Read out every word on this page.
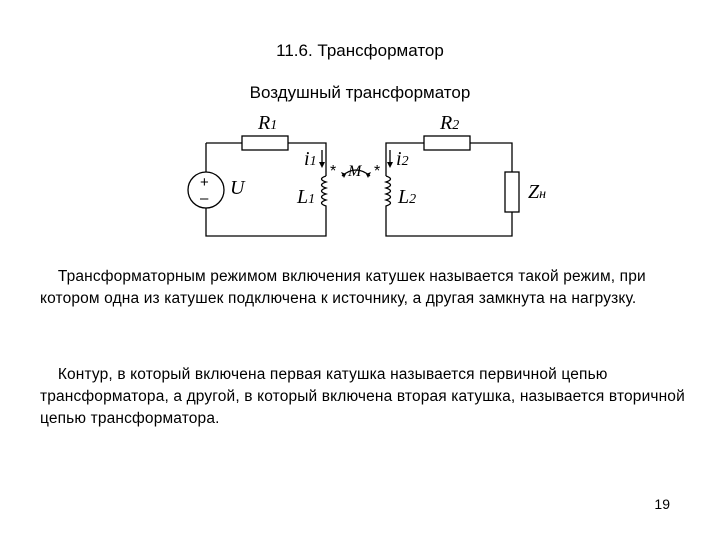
11.6. Трансформатор
Воздушный трансформатор
+
–
R1	R2
i1	i2
L1	L2
U
M
* *
Zн
Трансформаторным режимом включения катушек называется такой режим, при котором одна из катушек подключена к источнику, а другая замкнута на нагрузку.
Контур, в который включена первая катушка называется первичной цепью трансформатора, а другой, в который включена вторая катушка, называется вторичной цепью трансформатора.
19
